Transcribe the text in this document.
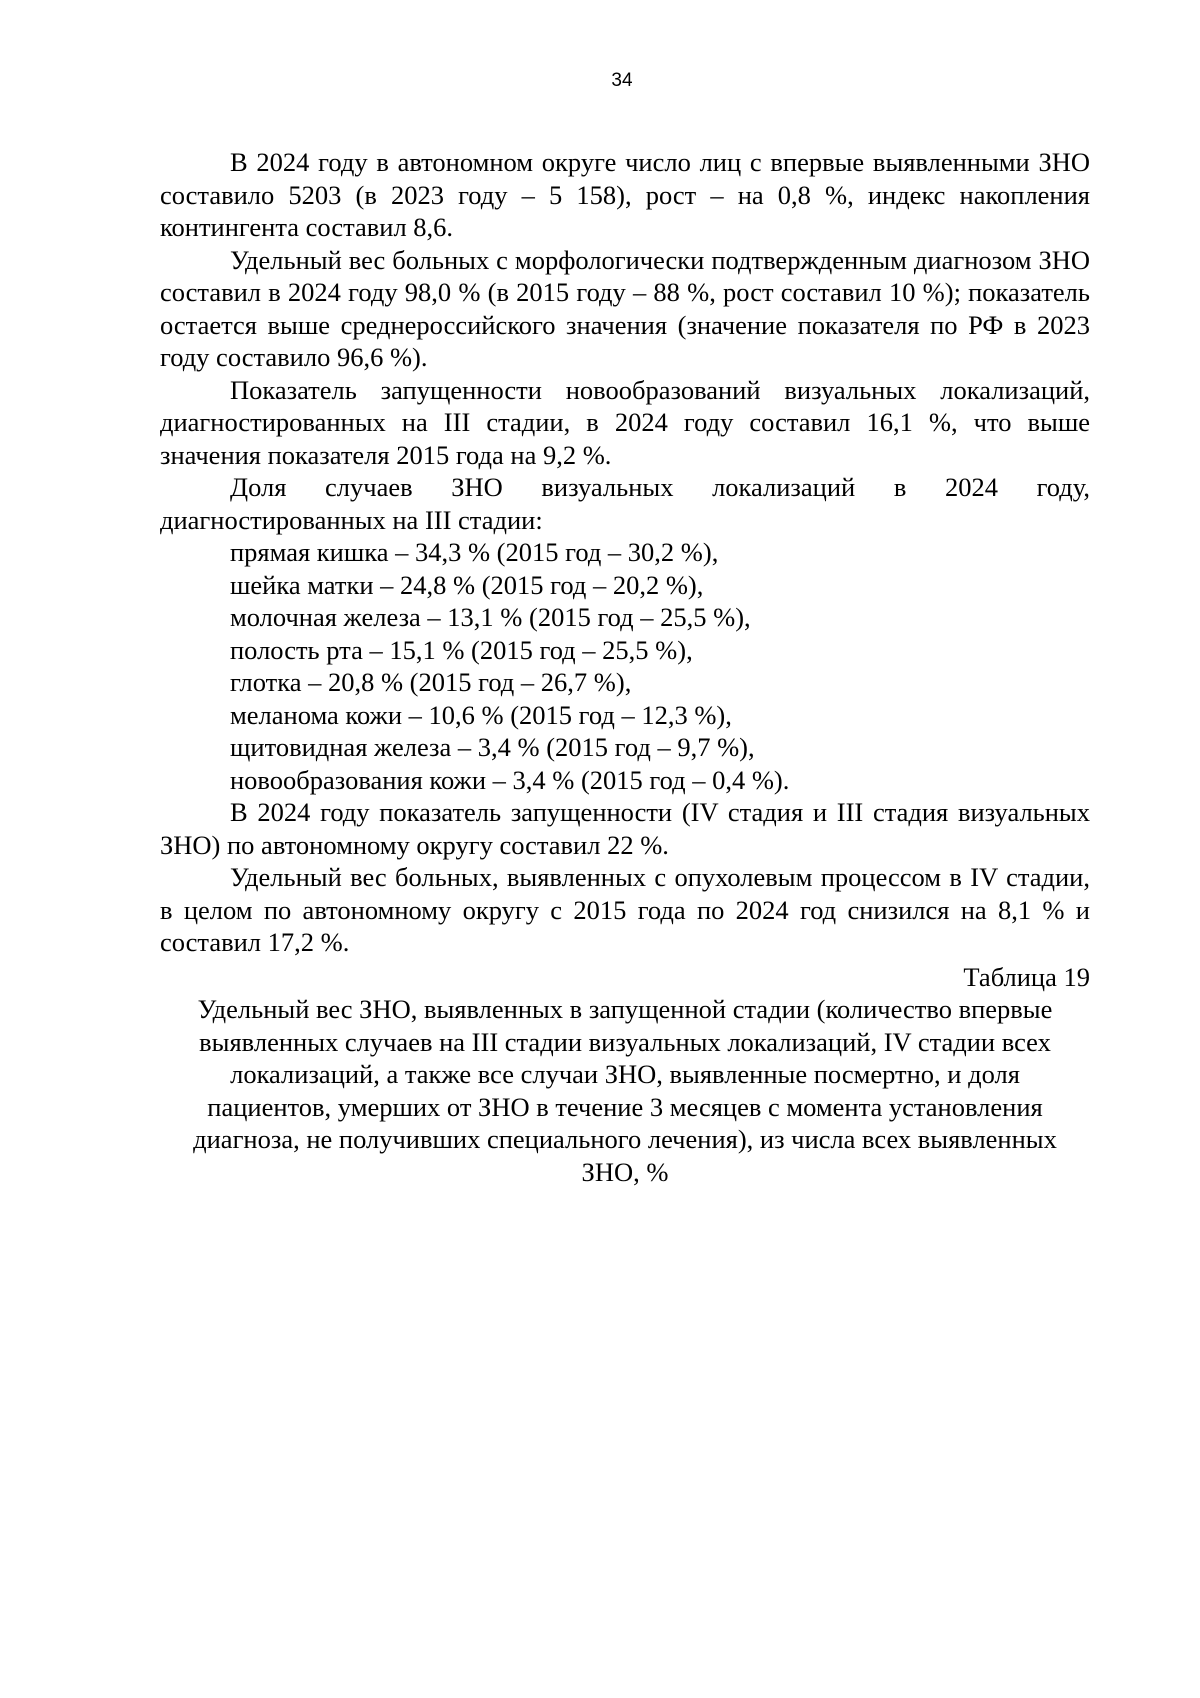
34

В 2024 году в автономном округе число лиц с впервые выявленными ЗНО составило 5203 (в 2023 году – 5 158), рост – на 0,8 %, индекс накопления контингента составил 8,6.

Удельный вес больных с морфологически подтвержденным диагнозом ЗНО составил в 2024 году 98,0 % (в 2015 году – 88 %, рост составил 10 %); показатель остается выше среднероссийского значения (значение показателя по РФ в 2023 году составило 96,6 %).

Показатель запущенности новообразований визуальных локализаций, диагностированных на III стадии, в 2024 году составил 16,1 %, что выше значения показателя 2015 года на 9,2 %.

Доля случаев ЗНО визуальных локализаций в 2024 году, диагностированных на III стадии:

прямая кишка – 34,3 % (2015 год – 30,2 %),
шейка матки – 24,8 % (2015 год – 20,2 %),
молочная железа – 13,1 % (2015 год – 25,5 %),
полость рта – 15,1 % (2015 год – 25,5 %),
глотка – 20,8 % (2015 год – 26,7 %),
меланома кожи – 10,6 % (2015 год – 12,3 %),
щитовидная железа – 3,4 % (2015 год – 9,7 %),
новообразования кожи – 3,4 % (2015 год – 0,4 %).

В 2024 году показатель запущенности (IV стадия и III стадия визуальных ЗНО) по автономному округу составил 22 %.

Удельный вес больных, выявленных с опухолевым процессом в IV стадии, в целом по автономному округу с 2015 года по 2024 год снизился на 8,1 % и составил 17,2 %.

Таблица 19
Удельный вес ЗНО, выявленных в запущенной стадии (количество впервые выявленных случаев на III стадии визуальных локализаций, IV стадии всех локализаций, а также все случаи ЗНО, выявленные посмертно, и доля пациентов, умерших от ЗНО в течение 3 месяцев с момента установления диагноза, не получивших специального лечения), из числа всех выявленных ЗНО, %
